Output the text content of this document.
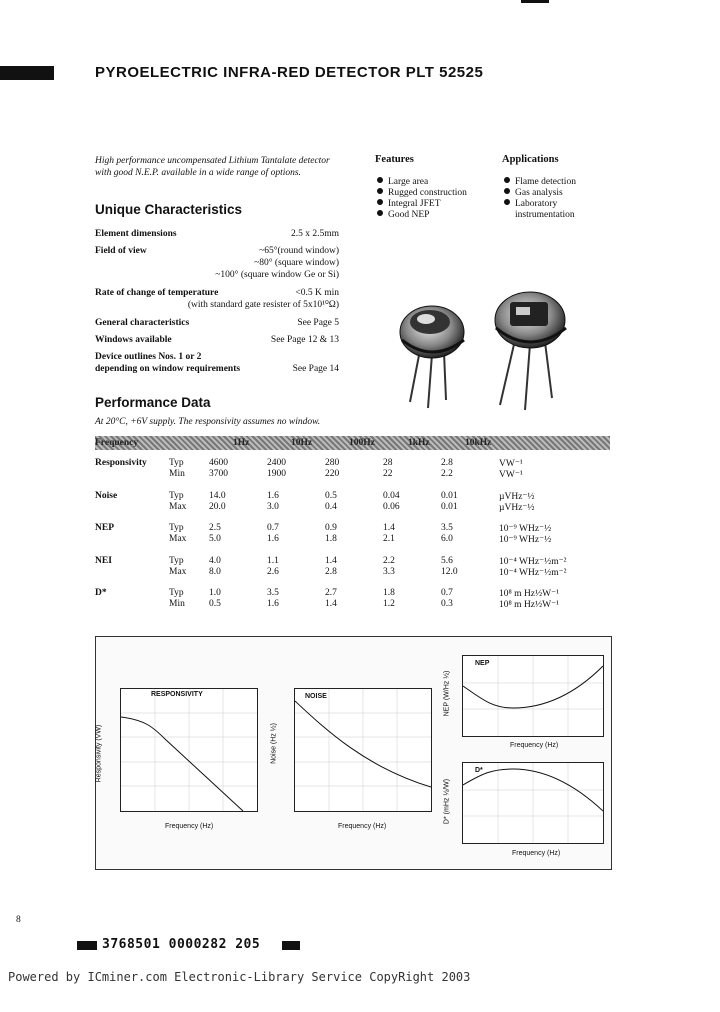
PYROELECTRIC INFRA-RED DETECTOR PLT 52525
High performance uncompensated Lithium Tantalate detector with good N.E.P. available in a wide range of options.
Features
Large area
Rugged construction
Integral JFET
Good NEP
Applications
Flame detection
Gas analysis
Laboratory
instrumentation
Unique Characteristics
Element dimensions	2.5 x 2.5mm
Field of view	~65°(round window)
~80° (square window)
~100° (square window Ge or Si)
Rate of change of temperature	<0.5 K min
(with standard gate resister of 5x10¹⁰Ω)
General characteristics	See Page 5
Windows available	See Page 12 & 13
Device outlines Nos. 1 or 2
depending on window requirements	See Page 14
Performance Data
At 20°C, +6V supply. The responsivity assumes no window.
Frequency	1Hz	10Hz	100Hz	1kHz	10kHz
Responsivity	Typ	4600	2400	280	28	2.8	VW⁻¹
	Min	3700	1900	220	22	2.2	VW⁻¹

Noise	Typ	14.0	1.6	0.5	0.04	0.01	µVHz⁻½
	Max	20.0	3.0	0.4	0.06	0.01	µVHz⁻½

NEP	Typ	2.5	0.7	0.9	1.4	3.5	10⁻⁹ WHz⁻½
	Max	5.0	1.6	1.8	2.1	6.0	10⁻⁹ WHz⁻½

NEI	Typ	4.0	1.1	1.4	2.2	5.6	10⁻⁴ WHz⁻½m⁻²
	Max	8.0	2.6	2.8	3.3	12.0	10⁻⁴ WHz⁻½m⁻²

D*	Typ	1.0	3.5	2.7	1.8	0.7	10⁸ m Hz½W⁻¹
	Min	0.5	1.6	1.4	1.2	0.3	10⁸ m Hz½W⁻¹
RESPONSIVITY
Responsivity (VW)
Frequency (Hz)
NOISE
Noise (Hz ½)
Frequency (Hz)
NEP
NEP (W/Hz ½)
Frequency (Hz)
D*
D* (mHz ½/W)
Frequency (Hz)
8
3768501 0000282 205
Powered by ICminer.com Electronic-Library Service CopyRight 2003
